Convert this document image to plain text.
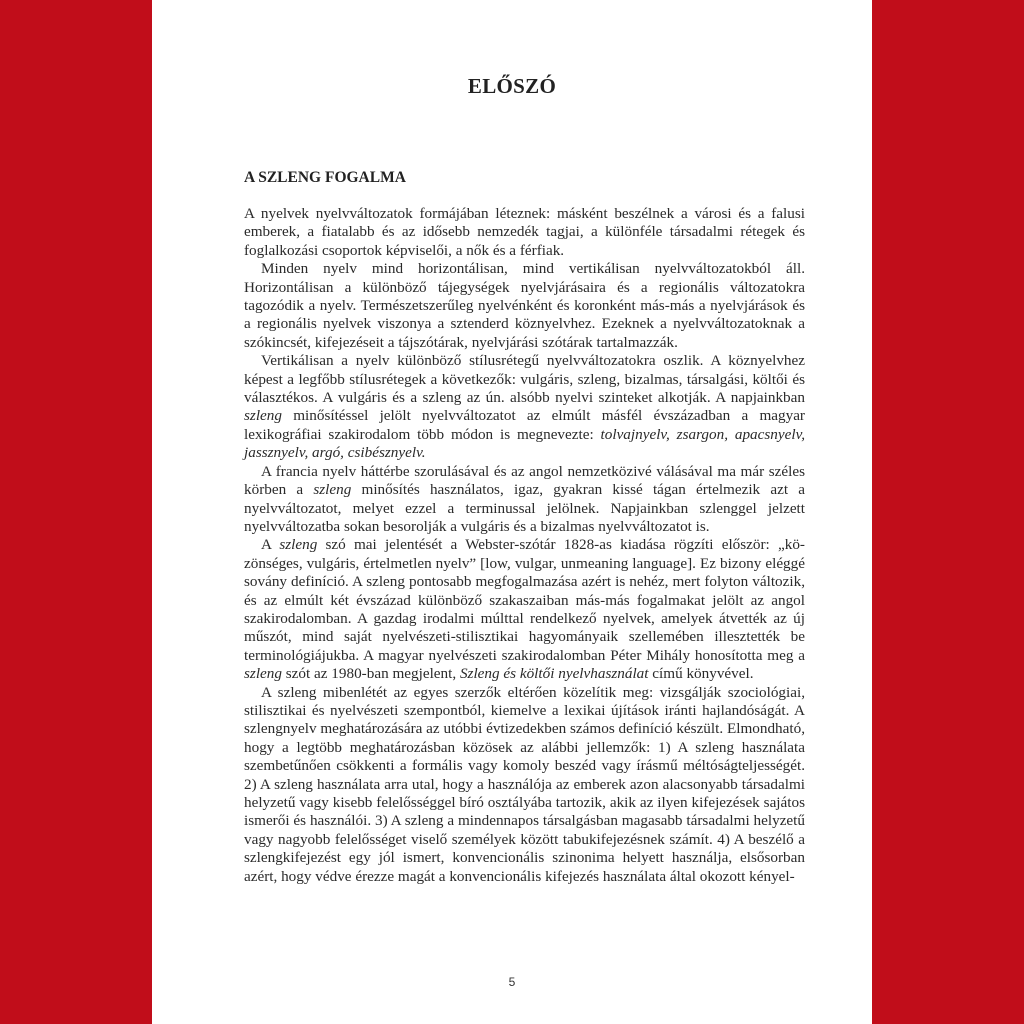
ELŐSZÓ
A SZLENG FOGALMA

A nyelvek nyelvváltozatok formájában léteznek: másként beszélnek a városi és a falusi emberek, a fiatalabb és az idősebb nemzedék tagjai, a különféle társadalmi rétegek és foglalkozási csoportok képviselői, a nők és a férfiak.

Minden nyelv mind horizontálisan, mind vertikálisan nyelvváltozatokból áll. Horizontálisan a különböző tájegységek nyelvjárásaira és a regionális változatokra tagozódik a nyelv. Természetszerűleg nyelvénként és koronként más-más a nyelvjárások és a regionális nyelvek viszonya a sztenderd köznyelvhez. Ezeknek a nyelvváltozatoknak a szókincsét, kifejezéseit a tájszótárak, nyelvjárási szótárak tartalmazzák.

Vertikálisan a nyelv különböző stílusrétegű nyelvváltozatokra oszlik. A köznyelvhez képest a legfőbb stílusrétegek a következők: vulgáris, szleng, bizalmas, társalgási, költői és választékos. A vulgáris és a szleng az ún. alsóbb nyelvi szinteket alkotják. A napjainkban szleng minősítéssel jelölt nyelvváltozatot az elmúlt másfél évszázadban a magyar lexikográfiai szakirodalom több módon is megnevezte: tolvajnyelv, zsargon, apacsnyelv, jassznyelv, argó, csibésznyelv.

A francia nyelv háttérbe szorulásával és az angol nemzetközivé válásával ma már széles körben a szleng minősítés használatos, igaz, gyakran kissé tágan értelmezik azt a nyelvváltozatot, melyet ezzel a terminussal jelölnek. Napjainkban szlenggel jelzett nyelvváltozatba sokan besorolják a vulgáris és a bizalmas nyelvváltozatot is.

A szleng szó mai jelentését a Webster-szótár 1828-as kiadása rögzíti először: „közönséges, vulgáris, értelmetlen nyelv” [low, vulgar, unmeaning language]. Ez bizony eléggé sovány definíció. A szleng pontosabb megfogalmazása azért is nehéz, mert folyton változik, és az elmúlt két évszázad különböző szakaszaiban más-más fogalmakat jelölt az angol szakirodalomban. A gazdag irodalmi múlttal rendelkező nyelvek, amelyek átvették az új műszót, mind saját nyelvészeti-stilisztikai hagyományaik szellemében illesztették be terminológiájukba. A magyar nyelvészeti szakirodalomban Péter Mihály honosította meg a szleng szót az 1980-ban megjelent, Szleng és költői nyelvhasználat című könyvével.

A szleng mibenlétét az egyes szerzők eltérően közelítik meg: vizsgálják szociológiai, stilisztikai és nyelvészeti szempontból, kiemelve a lexikai újítások iránti hajlandóságát. A szlengnyelv meghatározására az utóbbi évtizedekben számos definíció készült. Elmondható, hogy a legtöbb meghatározásban közösek az alábbi jellemzők: 1) A szleng használata szembetűnően csökkenti a formális vagy komoly beszéd vagy írásmű méltóságteljességét. 2) A szleng használata arra utal, hogy a használója az emberek azon alacsonyabb társadalmi helyzetű vagy kisebb felelősséggel bíró osztályába tartozik, akik az ilyen kifejezések sajátos ismerői és használói. 3) A szleng a mindennapos társalgásban magasabb társadalmi helyzetű vagy nagyobb felelősséget viselő személyek között tabukifejezésnek számít. 4) A beszélő a szlengkifejezést egy jól ismert, konvencionális szinonima helyett használja, elsősorban azért, hogy védve érezze magát a konvencionális kifejezés használata által okozott kényel-

5
